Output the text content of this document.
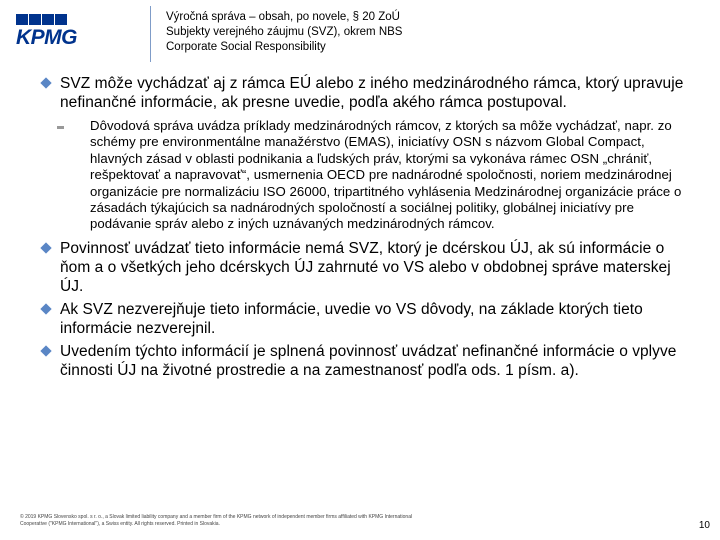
KPMG
Výročná správa – obsah, po novele, § 20 ZoÚ
Subjekty verejného záujmu (SVZ), okrem NBS
Corporate Social Responsibility
SVZ môže vychádzať aj z rámca EÚ alebo z iného medzinárodného rámca, ktorý upravuje nefinančné informácie, ak presne uvedie, podľa akého rámca postupoval.
Dôvodová správa uvádza príklady medzinárodných rámcov, z ktorých sa môže vychádzať, napr. zo schémy pre environmentálne manažérstvo (EMAS), iniciatívy OSN s názvom Global Compact, hlavných zásad v oblasti podnikania a ľudských práv, ktorými sa vykonáva rámec OSN „chrániť, rešpektovať a napravovať“, usmernenia OECD pre nadnárodné spoločnosti, noriem medzinárodnej organizácie pre normalizáciu ISO 26000, tripartitného vyhlásenia Medzinárodnej organizácie práce o zásadách týkajúcich sa nadnárodných spoločností a sociálnej politiky, globálnej iniciatívy pre podávanie správ alebo z iných uznávaných medzinárodných rámcov.
Povinnosť uvádzať tieto informácie nemá SVZ, ktorý je dcérskou ÚJ, ak sú informácie o ňom a o všetkých jeho dcérskych ÚJ zahrnuté vo VS alebo v obdobnej správe materskej ÚJ.
Ak SVZ nezverejňuje tieto informácie, uvedie vo VS dôvody, na základe ktorých tieto informácie nezverejnil.
Uvedením týchto informácií je splnená povinnosť uvádzať nefinančné informácie o vplyve činnosti ÚJ na životné prostredie a na zamestnanosť podľa ods. 1 písm. a).
© 2019 KPMG Slovensko spol. s r. o., a Slovak limited liability company and a member firm of the KPMG network of independent member firms affiliated with KPMG International
Cooperative ("KPMG International"), a Swiss entity. All rights reserved. Printed in Slovakia.	10
